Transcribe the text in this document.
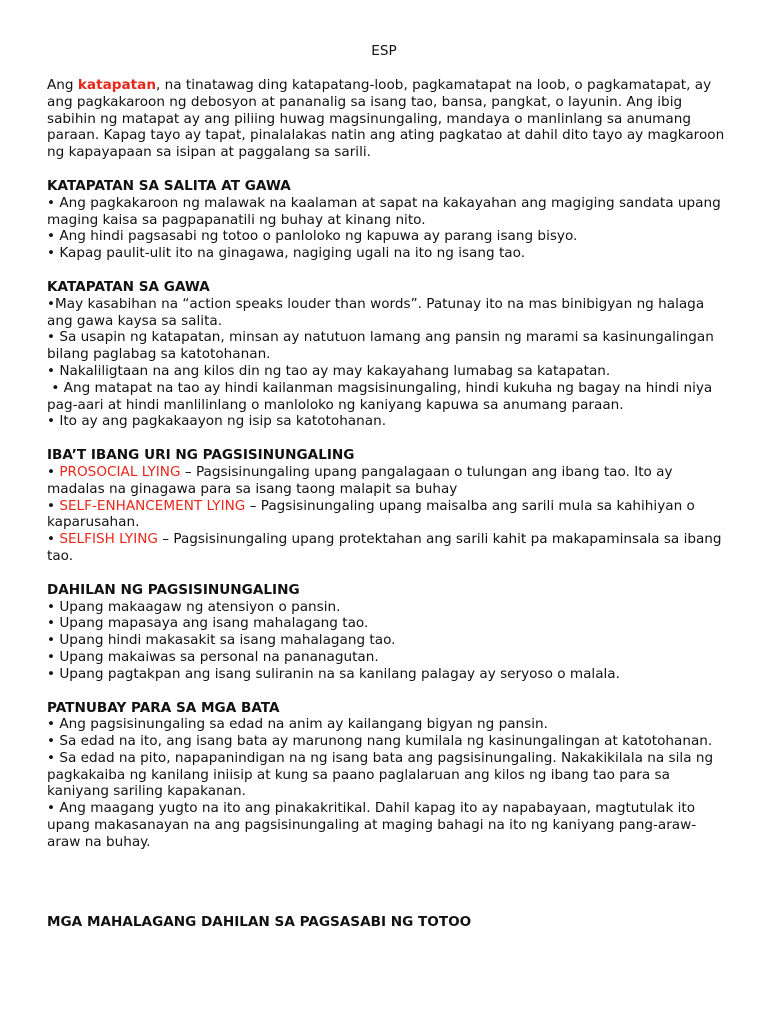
ESP

Ang katapatan, na tinatawag ding katapatang-loob, pagkamatapat na loob, o pagkamatapat, ay ang pagkakaroon ng debosyon at pananalig sa isang tao, bansa, pangkat, o layunin. Ang ibig sabihin ng matapat ay ang piliing huwag magsinungaling, mandaya o manlinlang sa anumang paraan. Kapag tayo ay tapat, pinalalakas natin ang ating pagkatao at dahil dito tayo ay magkaroon ng kapayapaan sa isipan at paggalang sa sarili.

KATAPATAN SA SALITA AT GAWA

• Ang pagkakaroon ng malawak na kaalaman at sapat na kakayahan ang magiging sandata upang maging kaisa sa pagpapanatili ng buhay at kinang nito.

• Ang hindi pagsasabi ng totoo o panloloko ng kapuwa ay parang isang bisyo.

• Kapag paulit-ulit ito na ginagawa, nagiging ugali na ito ng isang tao.

KATAPATAN SA GAWA

•May kasabihan na “action speaks louder than words”. Patunay ito na mas binibigyan ng halaga ang gawa kaysa sa salita.

• Sa usapin ng katapatan, minsan ay natutuon lamang ang pansin ng marami sa kasinungalingan bilang paglabag sa katotohanan.

• Nakaliligtaan na ang kilos din ng tao ay may kakayahang lumabag sa katapatan.

• Ang matapat na tao ay hindi kailanman magsisinungaling, hindi kukuha ng bagay na hindi niya pag-aari at hindi manlilinlang o manloloko ng kaniyang kapuwa sa anumang paraan.

• Ito ay ang pagkakaayon ng isip sa katotohanan.

IBA’T IBANG URI NG PAGSISINUNGALING

• PROSOCIAL LYING – Pagsisinungaling upang pangalagaan o tulungan ang ibang tao. Ito ay madalas na ginagawa para sa isang taong malapit sa buhay

• SELF-ENHANCEMENT LYING – Pagsisinungaling upang maisalba ang sarili mula sa kahihiyan o kaparusahan.

• SELFISH LYING – Pagsisinungaling upang protektahan ang sarili kahit pa makapaminsala sa ibang tao.

DAHILAN NG PAGSISINUNGALING

• Upang makaagaw ng atensiyon o pansin.

• Upang mapasaya ang isang mahalagang tao.

• Upang hindi makasakit sa isang mahalagang tao.

• Upang makaiwas sa personal na pananagutan.

• Upang pagtakpan ang isang suliranin na sa kanilang palagay ay seryoso o malala.

PATNUBAY PARA SA MGA BATA

• Ang pagsisinungaling sa edad na anim ay kailangang bigyan ng pansin.

• Sa edad na ito, ang isang bata ay marunong nang kumilala ng kasinungalingan at katotohanan.

• Sa edad na pito, napapanindigan na ng isang bata ang pagsisinungaling. Nakakikilala na sila ng pagkakaiba ng kanilang iniisip at kung sa paano paglalaruan ang kilos ng ibang tao para sa kaniyang sariling kapakanan.

• Ang maagang yugto na ito ang pinakakritikal. Dahil kapag ito ay napabayaan, magtutulak ito upang makasanayan na ang pagsisinungaling at maging bahagi na ito ng kaniyang pang-araw-araw na buhay.

MGA MAHALAGANG DAHILAN SA PAGSASABI NG TOTOO
